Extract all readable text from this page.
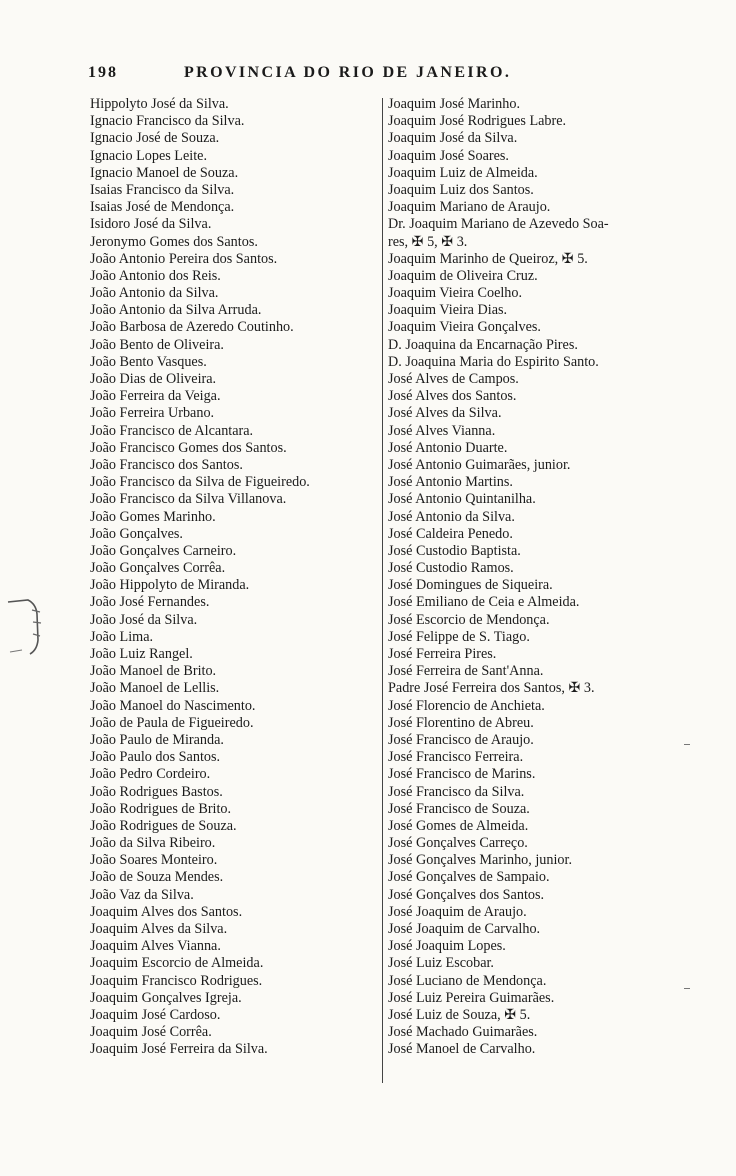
198	PROVINCIA DO RIO DE JANEIRO.
Hippolyto José da Silva.
Ignacio Francisco da Silva.
Ignacio José de Souza.
Ignacio Lopes Leite.
Ignacio Manoel de Souza.
Isaias Francisco da Silva.
Isaias José de Mendonça.
Isidoro José da Silva.
Jeronymo Gomes dos Santos.
João Antonio Pereira dos Santos.
João Antonio dos Reis.
João Antonio da Silva.
João Antonio da Silva Arruda.
João Barbosa de Azeredo Coutinho.
João Bento de Oliveira.
João Bento Vasques.
João Dias de Oliveira.
João Ferreira da Veiga.
João Ferreira Urbano.
João Francisco de Alcantara.
João Francisco Gomes dos Santos.
João Francisco dos Santos.
João Francisco da Silva de Figueiredo.
João Francisco da Silva Villanova.
João Gomes Marinho.
João Gonçalves.
João Gonçalves Carneiro.
João Gonçalves Corrêa.
João Hippolyto de Miranda.
João José Fernandes.
João José da Silva.
João Lima.
João Luiz Rangel.
João Manoel de Brito.
João Manoel de Lellis.
João Manoel do Nascimento.
João de Paula de Figueiredo.
João Paulo de Miranda.
João Paulo dos Santos.
João Pedro Cordeiro.
João Rodrigues Bastos.
João Rodrigues de Brito.
João Rodrigues de Souza.
João da Silva Ribeiro.
João Soares Monteiro.
João de Souza Mendes.
João Vaz da Silva.
Joaquim Alves dos Santos.
Joaquim Alves da Silva.
Joaquim Alves Vianna.
Joaquim Escorcio de Almeida.
Joaquim Francisco Rodrigues.
Joaquim Gonçalves Igreja.
Joaquim José Cardoso.
Joaquim José Corrêa.
Joaquim José Ferreira da Silva.
Joaquim José Marinho.
Joaquim José Rodrigues Labre.
Joaquim José da Silva.
Joaquim José Soares.
Joaquim Luiz de Almeida.
Joaquim Luiz dos Santos.
Joaquim Mariano de Araujo.
Dr. Joaquim Mariano de Azevedo Soa-
res, ✠ 5, ✠ 3.
Joaquim Marinho de Queiroz, ✠ 5.
Joaquim de Oliveira Cruz.
Joaquim Vieira Coelho.
Joaquim Vieira Dias.
Joaquim Vieira Gonçalves.
D. Joaquina da Encarnação Pires.
D. Joaquina Maria do Espirito Santo.
José Alves de Campos.
José Alves dos Santos.
José Alves da Silva.
José Alves Vianna.
José Antonio Duarte.
José Antonio Guimarães, junior.
José Antonio Martins.
José Antonio Quintanilha.
José Antonio da Silva.
José Caldeira Penedo.
José Custodio Baptista.
José Custodio Ramos.
José Domingues de Siqueira.
José Emiliano de Ceia e Almeida.
José Escorcio de Mendonça.
José Felippe de S. Tiago.
José Ferreira Pires.
José Ferreira de Sant'Anna.
Padre José Ferreira dos Santos, ✠ 3.
José Florencio de Anchieta.
José Florentino de Abreu.
José Francisco de Araujo.
José Francisco Ferreira.
José Francisco de Marins.
José Francisco da Silva.
José Francisco de Souza.
José Gomes de Almeida.
José Gonçalves Carreço.
José Gonçalves Marinho, junior.
José Gonçalves de Sampaio.
José Gonçalves dos Santos.
José Joaquim de Araujo.
José Joaquim de Carvalho.
José Joaquim Lopes.
José Luiz Escobar.
José Luciano de Mendonça.
José Luiz Pereira Guimarães.
José Luiz de Souza, ✠ 5.
José Machado Guimarães.
José Manoel de Carvalho.
